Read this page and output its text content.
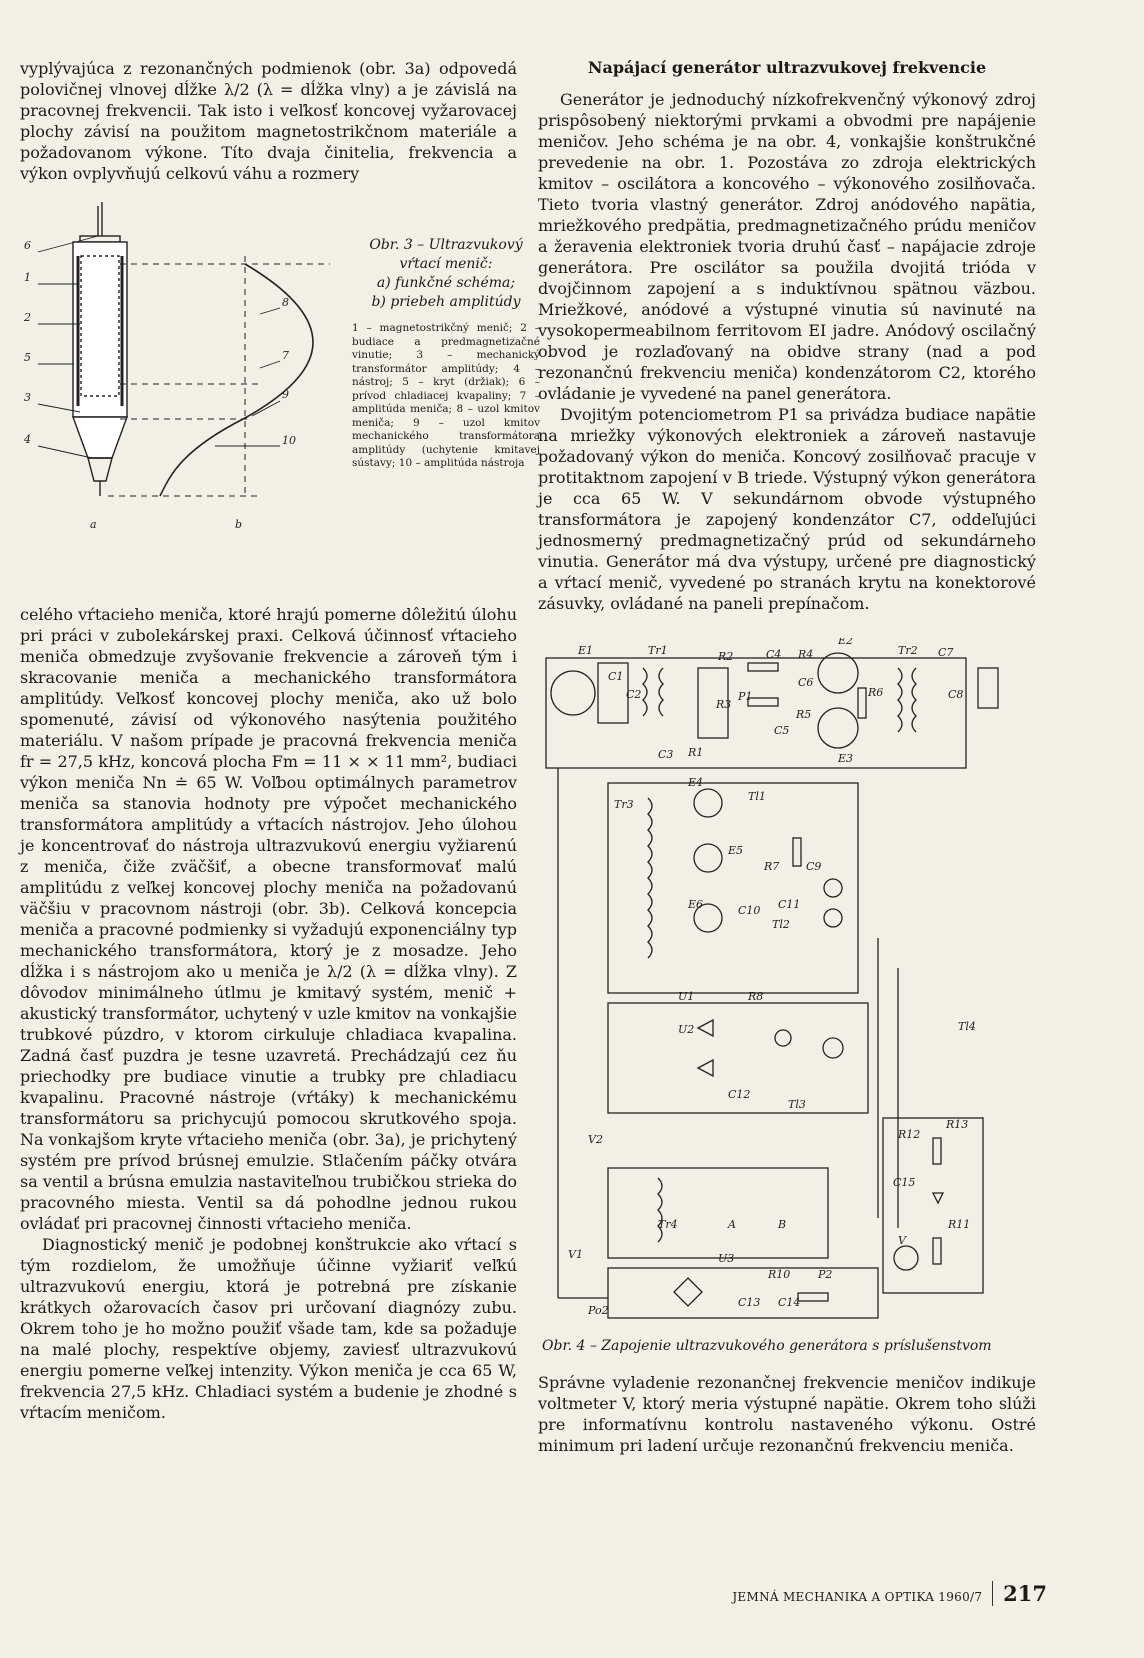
vyplývajúca z rezonančných podmienok (obr. 3a) odpovedá polovičnej vlnovej dĺžke λ/2 (λ = dĺžka vlny) a je závislá na pracovnej frekvencii. Tak isto i veľkosť koncovej vyžarovacej plochy závisí na použitom magnetostrikčnom materiále a požadovanom výkone. Títo dvaja činitelia, frekvencia a výkon ovplyvňujú celkovú váhu a rozmery

6
1
2
5
3
4
8
7
9
10
a	b
Obr. 3 – Ultrazvukový vŕtací menič:
a) funkčné schéma;
b) priebeh amplitúdy
1 – magnetostrikčný menič; 2 – budiace a predmagnetizačné vinutie; 3 – mechanický transformátor amplitúdy; 4 – nástroj; 5 – kryt (držiak); 6 – prívod chladiacej kvapaliny; 7 – amplitúda meniča; 8 – uzol kmitov meniča; 9 – uzol kmitov mechanického transformátora amplitúdy (uchytenie kmitavej sústavy; 10 – amplitúda nástroja

celého vŕtacieho meniča, ktoré hrajú pomerne dôležitú úlohu pri práci v zubolekárskej praxi. Celková účinnosť vŕtacieho meniča obmedzuje zvyšovanie frekvencie a zároveň tým i skracovanie meniča a mechanického transformátora amplitúdy. Veľkosť koncovej plochy meniča, ako už bolo spomenuté, závisí od výkonového nasýtenia použitého materiálu. V našom prípade je pracovná frekvencia meniča fr = 27,5 kHz, koncová plocha Fm = 11 × × 11 mm², budiaci výkon meniča Nn ≐ 65 W. Voľbou optimálnych parametrov meniča sa stanovia hodnoty pre výpočet mechanického transformátora amplitúdy a vŕtacích nástrojov. Jeho úlohou je koncentrovať do nástroja ultrazvukovú energiu vyžiarenú z meniča, čiže zväčšiť, a obecne transformovať malú amplitúdu z veľkej koncovej plochy meniča na požadovanú väčšiu v pracovnom nástroji (obr. 3b). Celková koncepcia meniča a pracovné podmienky si vyžadujú exponenciálny typ mechanického transformátora, ktorý je z mosadze. Jeho dĺžka i s nástrojom ako u meniča je λ/2 (λ = dĺžka vlny). Z dôvodov minimálneho útlmu je kmitavý systém, menič + akustický transformátor, uchytený v uzle kmitov na vonkajšie trubkové púzdro, v ktorom cirkuluje chladiaca kvapalina. Zadná časť puzdra je tesne uzavretá. Prechádzajú cez ňu priechodky pre budiace vinutie a trubky pre chladiacu kvapalinu. Pracovné nástroje (vŕtáky) k mechanickému transformátoru sa prichycujú pomocou skrutkového spoja. Na vonkajšom kryte vŕtacieho meniča (obr. 3a), je prichytený systém pre prívod brúsnej emulzie. Stlačením páčky otvára sa ventil a brúsna emulzia nastaviteľnou trubičkou strieka do pracovného miesta. Ventil sa dá pohodlne jednou rukou ovládať pri pracovnej činnosti vŕtacieho meniča.

Diagnostický menič je podobnej konštrukcie ako vŕtací s tým rozdielom, že umožňuje účinne vyžiariť veľkú ultrazvukovú energiu, ktorá je potrebná pre získanie krátkych ožarovacích časov pri určovaní diagnózy zubu. Okrem toho je ho možno použiť všade tam, kde sa požaduje na malé plochy, respektíve objemy, zaviesť ultrazvukovú energiu pomerne veľkej intenzity. Výkon meniča je cca 65 W, frekvencia 27,5 kHz. Chladiaci systém a budenie je zhodné s vŕtacím meničom.

Napájací generátor ultrazvukovej frekvencie

Generátor je jednoduchý nízkofrekvenčný výkonový zdroj prispôsobený niektorými prvkami a obvodmi pre napájenie meničov. Jeho schéma je na obr. 4, vonkajšie konštrukčné prevedenie na obr. 1. Pozostáva zo zdroja elektrických kmitov – oscilátora a koncového – výkonového zosilňovača. Tieto tvoria vlastný generátor. Zdroj anódového napätia, mriežkového predpätia, predmagnetizačného prúdu meničov a žeravenia elektroniek tvoria druhú časť – napájacie zdroje generátora. Pre oscilátor sa použila dvojitá trióda v dvojčinnom zapojení a s induktívnou spätnou väzbou. Mriežkové, anódové a výstupné vinutia sú navinuté na vysokopermeabilnom ferritovom EI jadre. Anódový oscilačný obvod je rozlaďovaný na obidve strany (nad a pod rezonančnú frekvenciu meniča) kondenzátorom C2, ktorého ovládanie je vyvedené na panel generátora.

Dvojitým potenciometrom P1 sa privádza budiace napätie na mriežky výkonových elektroniek a zároveň nastavuje požadovaný výkon do meniča. Koncový zosilňovač pracuje v protitaktnom zapojení v B triede. Výstupný výkon generátora je cca 65 W. V sekundárnom obvode výstupného transformátora je zapojený kondenzátor C7, oddeľujúci jednosmerný predmagnetizačný prúd od sekundárneho vinutia. Generátor má dva výstupy, určené pre diagnostický a vŕtací menič, vyvedené po stranách krytu na konektorové zásuvky, ovládané na paneli prepínačom.

E1	Tr1
C1
C2
C3 R1
R2
R3
P1
C4 R4
C6
R5
C5
R6
E2
E3
Tr2 C7
C8
E4
Tl1
Tr3
E5
R7 C9
E6	C10 C11
Tl2
U1	R8
U2
C12
Tl3
Tl4
V2	R12
R13
C15
R11
V
Tr4	A	B
U3
R10	P2
C13 C14
V1
Po2
Obr. 4 – Zapojenie ultrazvukového generátora s príslušenstvom

Správne vyladenie rezonančnej frekvencie meničov indikuje voltmeter V, ktorý meria výstupné napätie. Okrem toho slúži pre informatívnu kontrolu nastaveného výkonu. Ostré minimum pri ladení určuje rezonančnú frekvenciu meniča.

JEMNÁ MECHANIKA A OPTIKA 1960/7 217
